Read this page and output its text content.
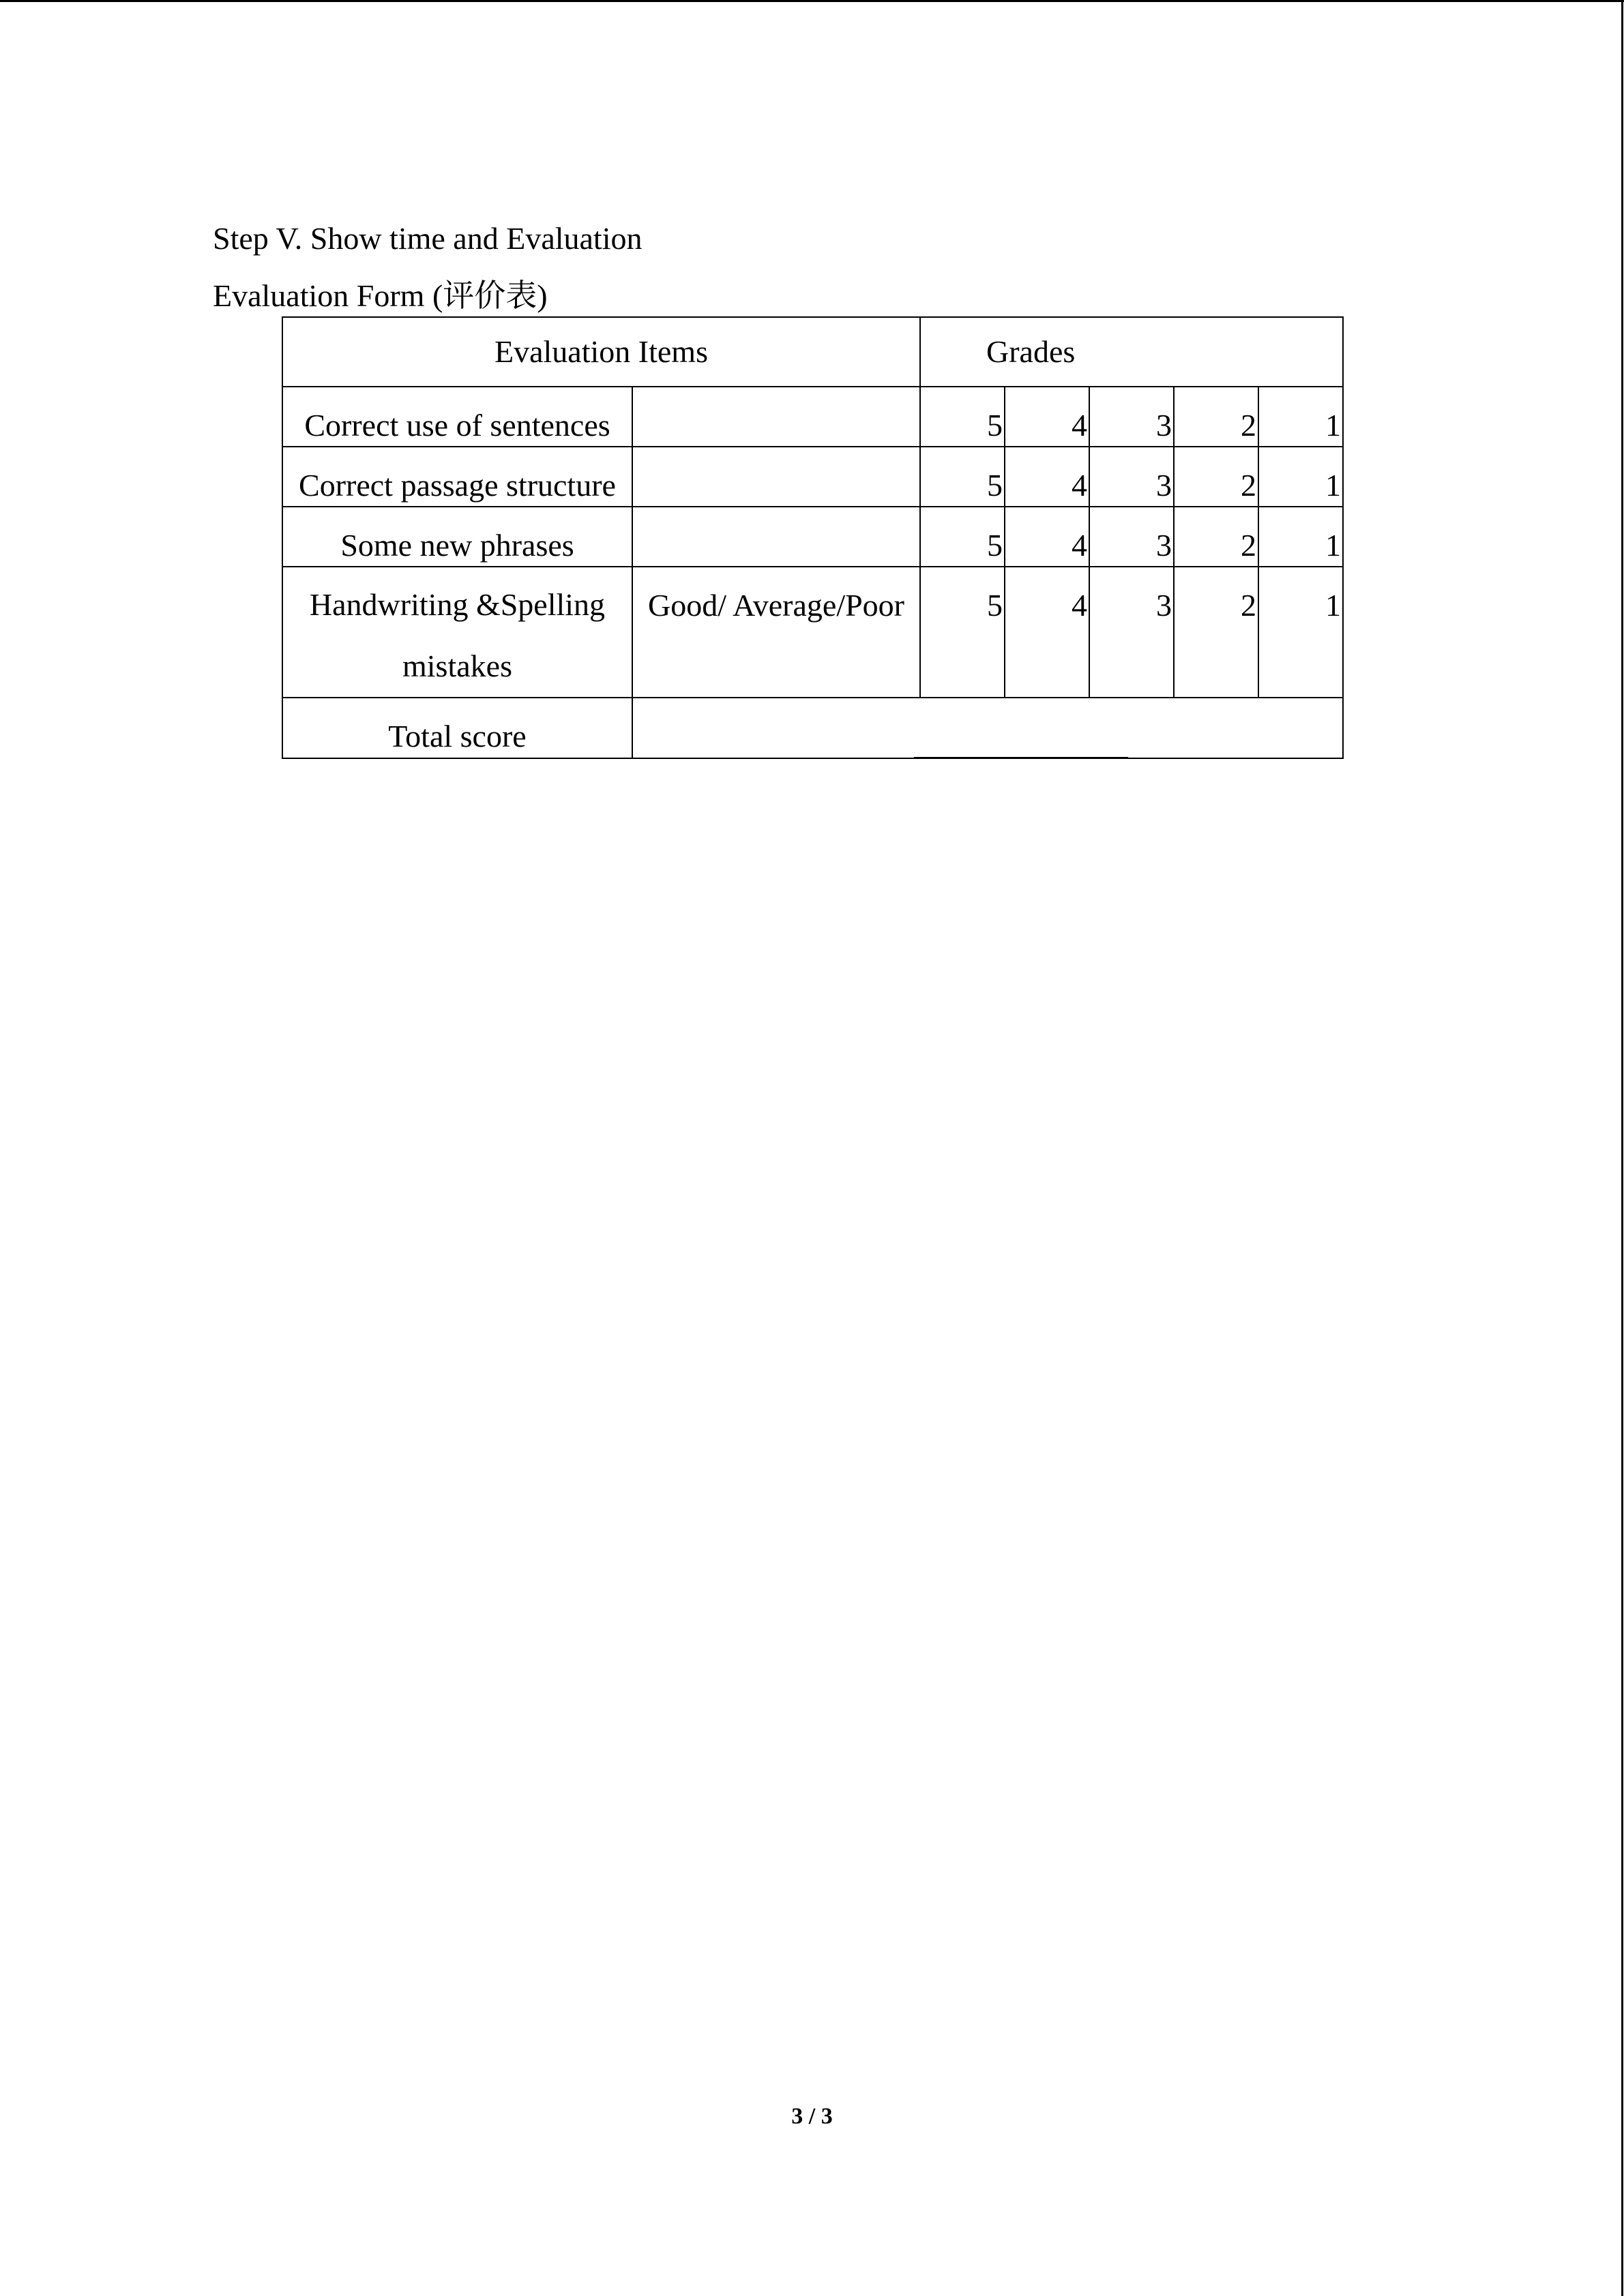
Step V. Show time and Evaluation
Evaluation Form (评价表)
Evaluation Items		Grades				
Correct use of sentences		5	4	3	2	1
Correct passage structure		5	4	3	2	1
Some new phrases		5	4	3	2	1

Handwriting &Spelling mistakes	Good/ Average/Poor	5	4	3	2	1
Total score						
3 / 3
